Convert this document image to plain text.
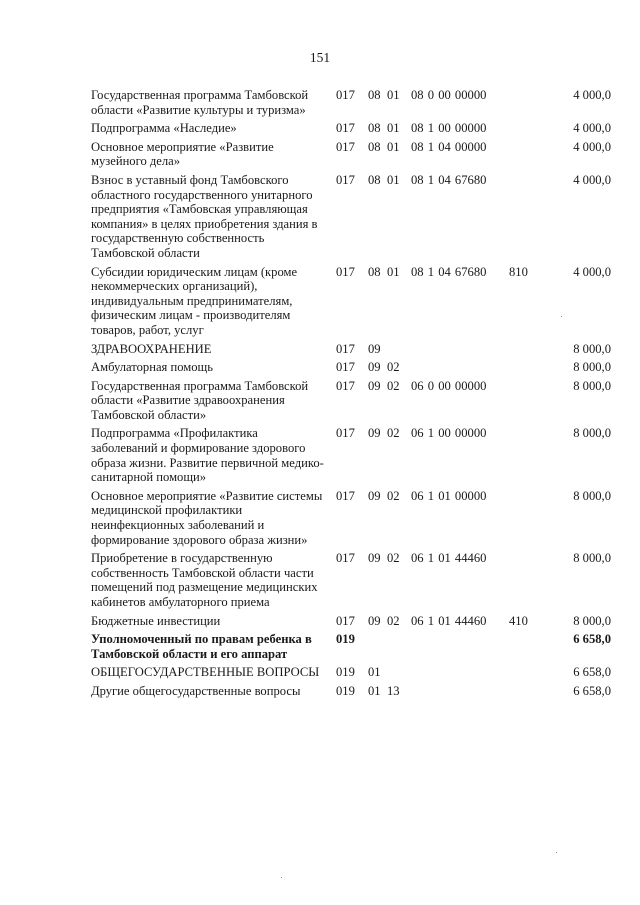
151
Государственная программа Тамбовской области «Развитие культуры и туризма»
017 08 01 08 0 00 00000	4 000,0
Подпрограмма «Наследие»	017 08 01 08 1 00 00000	4 000,0
Основное мероприятие «Развитие музейного дела»
017 08 01 08 1 04 00000	4 000,0
Взнос в уставный фонд Тамбовского областного государственного унитарного предприятия «Тамбовская управляющая компания» в целях приобретения здания в государственную собственность Тамбовской области
017 08 01 08 1 04 67680	4 000,0
Субсидии юридическим лицам (кроме некоммерческих организаций), индивидуальным предпринимателям, физическим лицам - производителям товаров, работ, услуг
017 08 01 08 1 04 67680 810	4 000,0
ЗДРАВООХРАНЕНИЕ	017 09	8 000,0
Амбулаторная помощь	017 09 02	8 000,0
Государственная программа Тамбовской области «Развитие здравоохранения Тамбовской области»
017 09 02 06 0 00 00000	8 000,0
Подпрограмма «Профилактика заболеваний и формирование здорового образа жизни. Развитие первичной медико-санитарной помощи»
017 09 02 06 1 00 00000	8 000,0
Основное мероприятие «Развитие системы медицинской профилактики неинфекционных заболеваний и формирование здорового образа жизни»
017 09 02 06 1 01 00000	8 000,0
Приобретение в государственную собственность Тамбовской области части помещений под размещение медицинских кабинетов амбулаторного приема
017 09 02 06 1 01 44460	8 000,0
Бюджетные инвестиции	017 09 02 06 1 01 44460 410	8 000,0
Уполномоченный по правам ребенка в Тамбовской области и его аппарат
019	6 658,0
ОБЩЕГОСУДАРСТВЕННЫЕ ВОПРОСЫ	019 01	6 658,0
Другие общегосударственные вопросы	019 01 13	6 658,0
